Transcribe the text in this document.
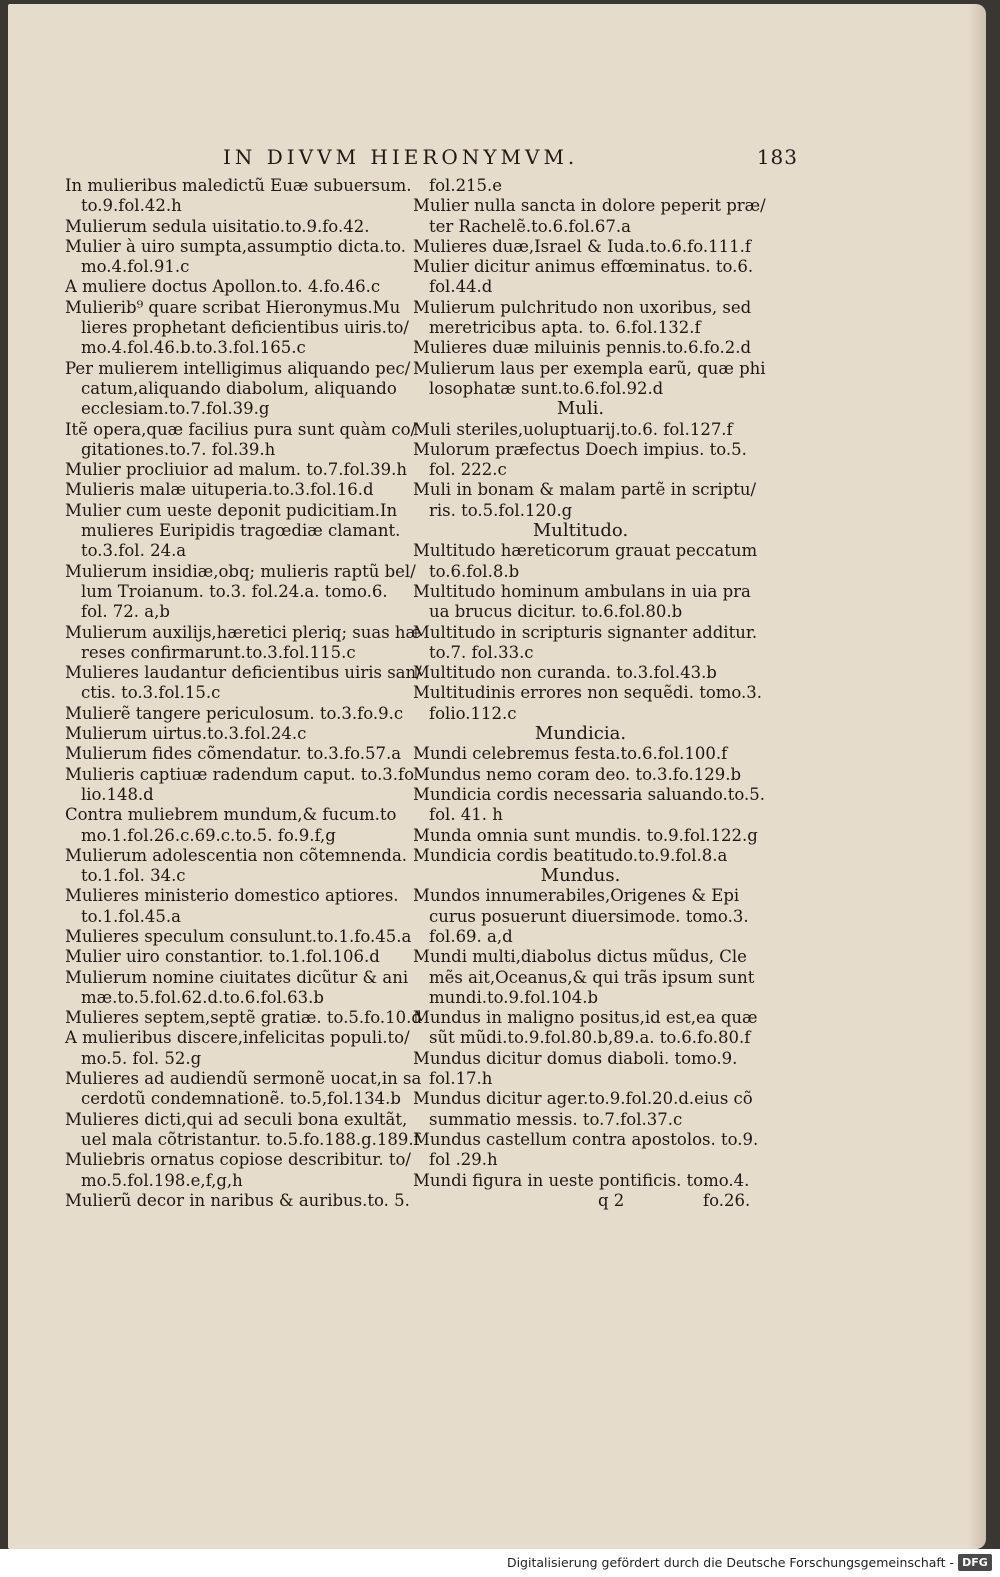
IN DIVVM HIERONYMVM.	183
In mulieribus maledictũ Euæ subuersum.
to.9.fol.42.h
Mulierum sedula uisitatio.to.9.fo.42.
Mulier à uiro sumpta,assumptio dicta.to.
mo.4.fol.91.c
A muliere doctus Apollon.to. 4.fo.46.c
Mulierib⁹ quare scribat Hieronymus.Mu
lieres prophetant deficientibus uiris.to/
mo.4.fol.46.b.to.3.fol.165.c
Per mulierem intelligimus aliquando pec/
catum,aliquando diabolum, aliquando
ecclesiam.to.7.fol.39.g
Itẽ opera,quæ facilius pura sunt quàm co/
gitationes.to.7. fol.39.h
Mulier procliuior ad malum. to.7.fol.39.h
Mulieris malæ uituperia.to.3.fol.16.d
Mulier cum ueste deponit pudicitiam.In
mulieres Euripidis tragœdiæ clamant.
to.3.fol. 24.a
Mulierum insidiæ,obq; mulieris raptũ bel/
lum Troianum. to.3. fol.24.a. tomo.6.
fol. 72. a,b
Mulierum auxilijs,hæretici pleriq; suas hæ
reses confirmarunt.to.3.fol.115.c
Mulieres laudantur deficientibus uiris san/
ctis. to.3.fol.15.c
Mulierẽ tangere periculosum. to.3.fo.9.c
Mulierum uirtus.to.3.fol.24.c
Mulierum fides cõmendatur. to.3.fo.57.a
Mulieris captiuæ radendum caput. to.3.fo
lio.148.d
Contra muliebrem mundum,& fucum.to
mo.1.fol.26.c.69.c.to.5. fo.9.f,g
Mulierum adolescentia non cõtemnenda.
to.1.fol. 34.c
Mulieres ministerio domestico aptiores.
to.1.fol.45.a
Mulieres speculum consulunt.to.1.fo.45.a
Mulier uiro constantior. to.1.fol.106.d
Mulierum nomine ciuitates dicũtur & ani
mæ.to.5.fol.62.d.to.6.fol.63.b
Mulieres septem,septẽ gratiæ. to.5.fo.10.d
A mulieribus discere,infelicitas populi.to/
mo.5. fol. 52.g
Mulieres ad audiendũ sermonẽ uocat,in sa
cerdotũ condemnationẽ. to.5,fol.134.b
Mulieres dicti,qui ad seculi bona exultãt,
uel mala cõtristantur. to.5.fo.188.g.189.f
Muliebris ornatus copiose describitur. to/
mo.5.fol.198.e,f,g,h
Mulierũ decor in naribus & auribus.to. 5.
fol.215.e
Mulier nulla sancta in dolore peperit præ/
ter Rachelẽ.to.6.fol.67.a
Mulieres duæ,Israel & Iuda.to.6.fo.111.f
Mulier dicitur animus effœminatus. to.6.
fol.44.d
Mulierum pulchritudo non uxoribus, sed
meretricibus apta. to. 6.fol.132.f
Mulieres duæ miluinis pennis.to.6.fo.2.d
Mulierum laus per exempla earũ, quæ phi
losophatæ sunt.to.6.fol.92.d
Muli.
Muli steriles,uoluptuarij.to.6. fol.127.f
Mulorum præfectus Doech impius. to.5.
fol. 222.c
Muli in bonam & malam partẽ in scriptu/
ris. to.5.fol.120.g
Multitudo.
Multitudo hæreticorum grauat peccatum
to.6.fol.8.b
Multitudo hominum ambulans in uia pra
ua brucus dicitur. to.6.fol.80.b
Multitudo in scripturis signanter additur.
to.7. fol.33.c
Multitudo non curanda. to.3.fol.43.b
Multitudinis errores non sequẽdi. tomo.3.
folio.112.c
Mundicia.
Mundi celebremus festa.to.6.fol.100.f
Mundus nemo coram deo. to.3.fo.129.b
Mundicia cordis necessaria saluando.to.5.
fol. 41. h
Munda omnia sunt mundis. to.9.fol.122.g
Mundicia cordis beatitudo.to.9.fol.8.a
Mundus.
Mundos innumerabiles,Origenes & Epi
curus posuerunt diuersimode. tomo.3.
fol.69. a,d
Mundi multi,diabolus dictus mũdus, Cle
mẽs ait,Oceanus,& qui trãs ipsum sunt
mundi.to.9.fol.104.b
Mundus in maligno positus,id est,ea quæ
sũt mũdi.to.9.fol.80.b,89.a. to.6.fo.80.f
Mundus dicitur domus diaboli. tomo.9.
fol.17.h
Mundus dicitur ager.to.9.fol.20.d.eius cõ
summatio messis. to.7.fol.37.c
Mundus castellum contra apostolos. to.9.
fol .29.h
Mundi figura in ueste pontificis. tomo.4.
q 2	fo.26.
Digitalisierung gefördert durch die Deutsche Forschungsgemeinschaft - DFG
